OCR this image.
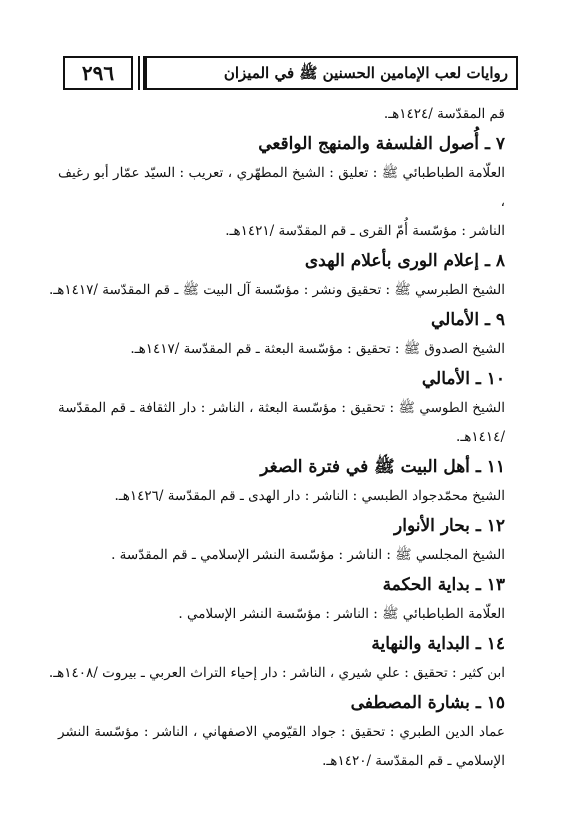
٢٩٦	روايات لعب الإمامين الحسنين ﷺ في الميزان
قم المقدّسة /١٤٢٤هـ.
٧ ـ أُصول الفلسفة والمنهج الواقعي
العلّامة الطباطبائي ﷺ : تعليق : الشيخ المطهّري ، تعريب : السيّد عمّار أبو رغيف ،
الناشر : مؤسّسة أُمّ القرى ـ قم المقدّسة /١٤٢١هـ.
٨ ـ إعلام الورى بأعلام الهدى
الشيخ الطبرسي ﷺ : تحقيق ونشر : مؤسّسة آل البيت ﷺ ـ قم المقدّسة /١٤١٧هـ.
٩ ـ الأمالي
الشيخ الصدوق ﷺ : تحقيق : مؤسّسة البعثة ـ قم المقدّسة /١٤١٧هـ.
١٠ ـ الأمالي
الشيخ الطوسي ﷺ : تحقيق : مؤسّسة البعثة ، الناشر : دار الثقافة ـ قم المقدّسة
/١٤١٤هـ.
١١ ـ أهل البيت ﷺ في فترة الصغر
الشيخ محمّدجواد الطبسي : الناشر : دار الهدى ـ قم المقدّسة /١٤٢٦هـ.
١٢ ـ بحار الأنوار
الشيخ المجلسي ﷺ : الناشر : مؤسّسة النشر الإسلامي ـ قم المقدّسة .
١٣ ـ بداية الحكمة
العلّامة الطباطبائي ﷺ : الناشر : مؤسّسة النشر الإسلامي .
١٤ ـ البداية والنهاية
ابن كثير : تحقيق : علي شيري ، الناشر : دار إحياء التراث العربي ـ بيروت /١٤٠٨هـ.
١٥ ـ بشارة المصطفى
عماد الدين الطبري : تحقيق : جواد القيّومي الاصفهاني ، الناشر : مؤسّسة النشر
الإسلامي ـ قم المقدّسة /١٤٢٠هـ.
